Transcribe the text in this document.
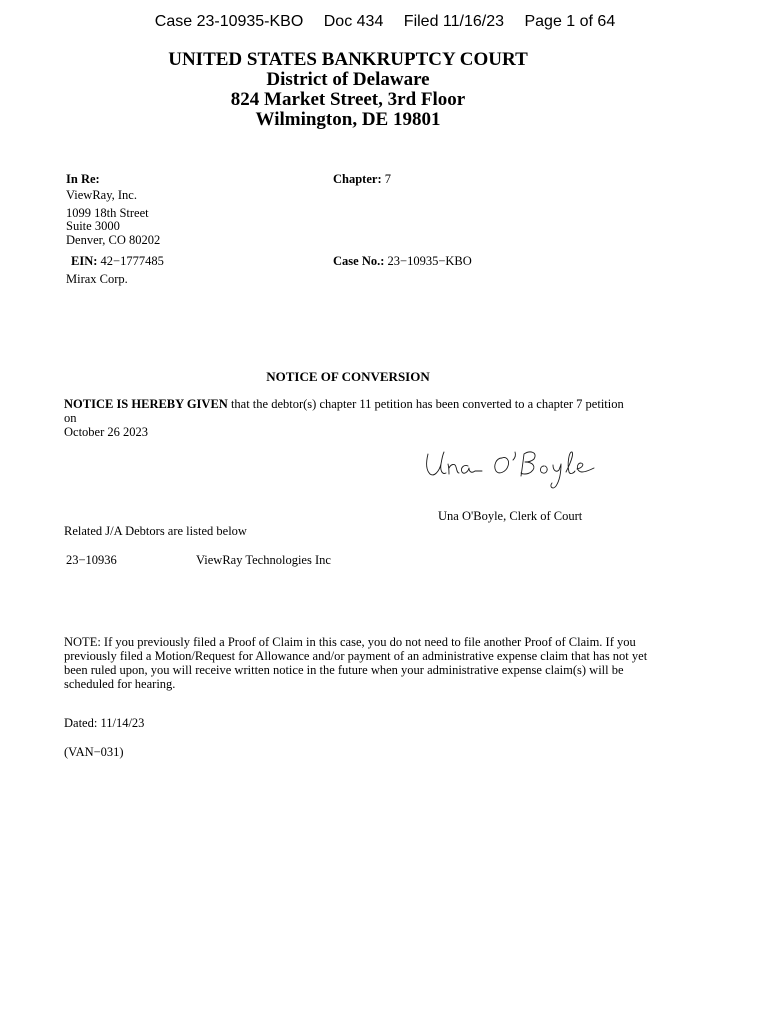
Case 23-10935-KBO Doc 434 Filed 11/16/23 Page 1 of 64
UNITED STATES BANKRUPTCY COURT
District of Delaware
824 Market Street, 3rd Floor
Wilmington, DE 19801
In Re:
ViewRay, Inc.
1099 18th Street
Suite 3000
Denver, CO 80202
EIN: 42−1777485
Mirax Corp.
Chapter: 7
Case No.: 23−10935−KBO
NOTICE OF CONVERSION
NOTICE IS HEREBY GIVEN that the debtor(s) chapter 11 petition has been converted to a chapter 7 petition on
October 26 2023
Una O'Boyle, Clerk of Court
Related J/A Debtors are listed below
23−10936	ViewRay Technologies Inc
NOTE: If you previously filed a Proof of Claim in this case, you do not need to file another Proof of Claim. If you
previously filed a Motion/Request for Allowance and/or payment of an administrative expense claim that has not yet
been ruled upon, you will receive written notice in the future when your administrative expense claim(s) will be
scheduled for hearing.
Dated: 11/14/23
(VAN−031)
